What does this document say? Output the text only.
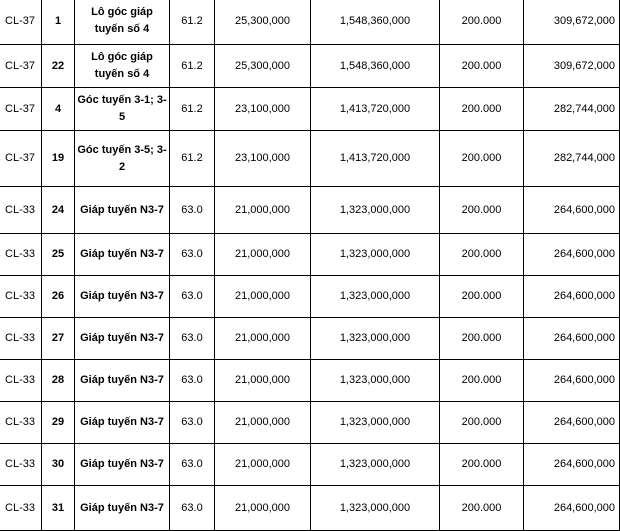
	CL-37	1	Lô góc giáp tuyến số 4	61.2	25,300,000	1,548,360,000	200.000	309,672,000
	CL-37	22	Lô góc giáp tuyến số 4	61.2	25,300,000	1,548,360,000	200.000	309,672,000
	CL-37	4	Góc tuyến 3-1; 3-5	61.2	23,100,000	1,413,720,000	200.000	282,744,000
	CL-37	19	Góc tuyến 3-5; 3-2	61.2	23,100,000	1,413,720,000	200.000	282,744,000
	CL-33	24	Giáp tuyến N3-7	63.0	21,000,000	1,323,000,000	200.000	264,600,000
	CL-33	25	Giáp tuyến N3-7	63.0	21,000,000	1,323,000,000	200.000	264,600,000
	CL-33	26	Giáp tuyến N3-7	63.0	21,000,000	1,323,000,000	200.000	264,600,000
	CL-33	27	Giáp tuyến N3-7	63.0	21,000,000	1,323,000,000	200.000	264,600,000
	CL-33	28	Giáp tuyến N3-7	63.0	21,000,000	1,323,000,000	200.000	264,600,000
	CL-33	29	Giáp tuyến N3-7	63.0	21,000,000	1,323,000,000	200.000	264,600,000
	CL-33	30	Giáp tuyến N3-7	63.0	21,000,000	1,323,000,000	200.000	264,600,000
	CL-33	31	Giáp tuyến N3-7	63.0	21,000,000	1,323,000,000	200.000	264,600,000
